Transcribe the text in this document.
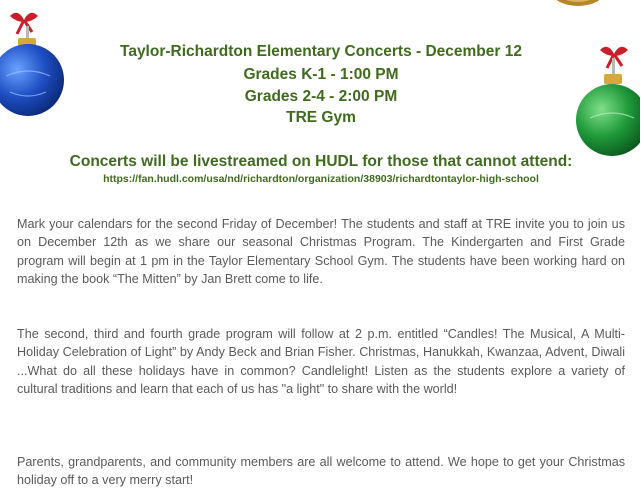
Taylor-Richardton Elementary Concerts - December 12
Grades K-1 - 1:00 PM
Grades 2-4 - 2:00 PM
TRE Gym
Concerts will be livestreamed on HUDL for those that cannot attend:
https://fan.hudl.com/usa/nd/richardton/organization/38903/richardtontaylor-high-school

Mark your calendars for the second Friday of December! The students and staff at TRE invite you to join us on December 12th as we share our seasonal Christmas Program. The Kindergarten and First Grade program will begin at 1 pm in the Taylor Elementary School Gym. The students have been working hard on making the book “The Mitten” by Jan Brett come to life.

The second, third and fourth grade program will follow at 2 p.m. entitled “Candles! The Musical, A Multi-Holiday Celebration of Light” by Andy Beck and Brian Fisher. Christmas, Hanukkah, Kwanzaa, Advent, Diwali ...What do all these holidays have in common? Candlelight! Listen as the students explore a variety of cultural traditions and learn that each of us has "a light" to share with the world!

Parents, grandparents, and community members are all welcome to attend. We hope to get your Christmas holiday off to a very merry start!
